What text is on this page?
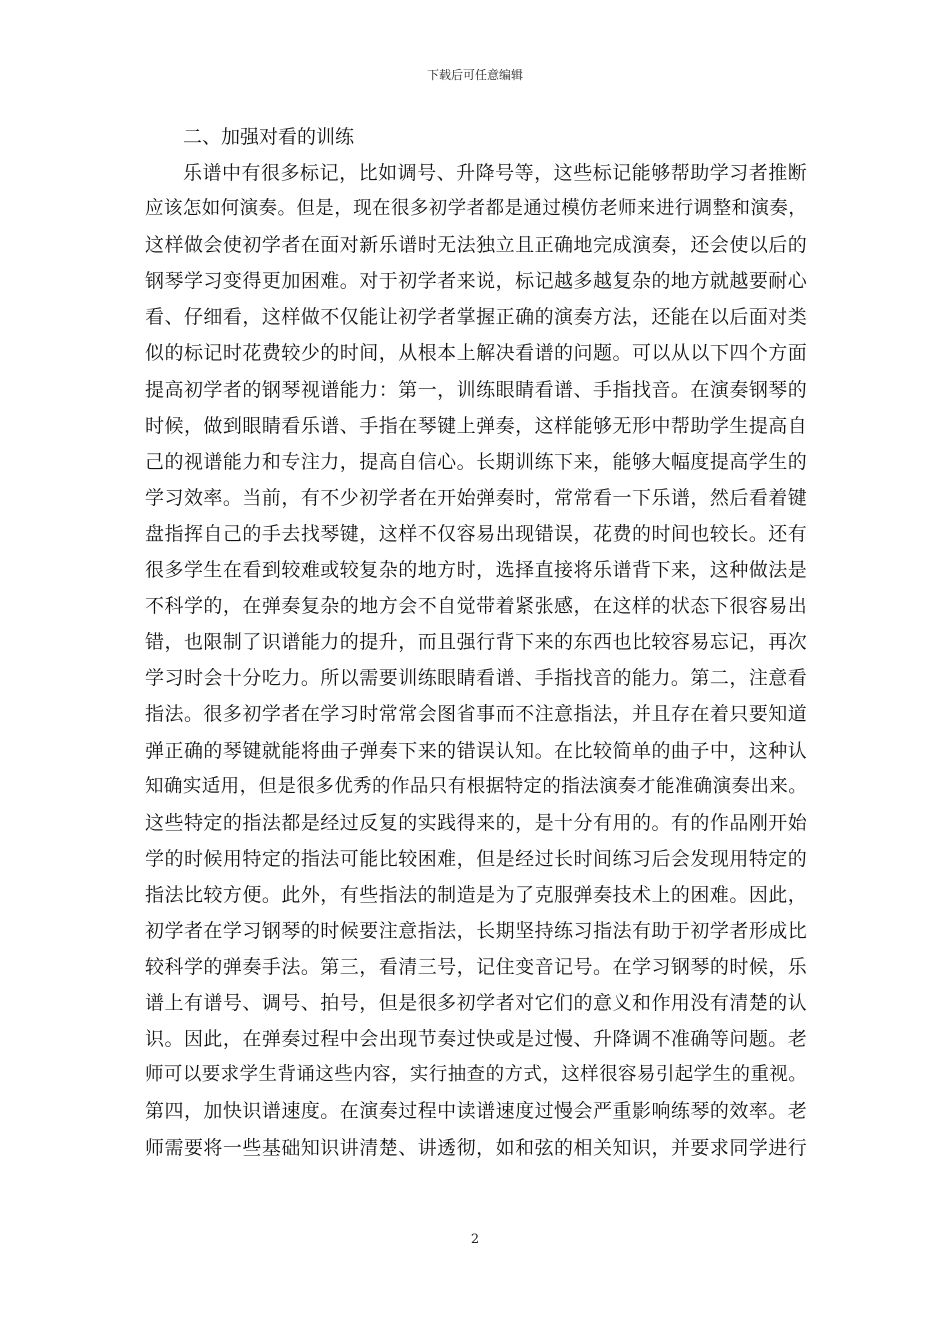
下载后可任意编辑
二、加强对看的训练
乐谱中有很多标记，比如调号、升降号等，这些标记能够帮助学习者推断
应该怎如何演奏。但是，现在很多初学者都是通过模仿老师来进行调整和演奏，
这样做会使初学者在面对新乐谱时无法独立且正确地完成演奏，还会使以后的
钢琴学习变得更加困难。对于初学者来说，标记越多越复杂的地方就越要耐心
看、仔细看，这样做不仅能让初学者掌握正确的演奏方法，还能在以后面对类
似的标记时花费较少的时间，从根本上解决看谱的问题。可以从以下四个方面
提高初学者的钢琴视谱能力：第一，训练眼睛看谱、手指找音。在演奏钢琴的
时候，做到眼睛看乐谱、手指在琴键上弹奏，这样能够无形中帮助学生提高自
己的视谱能力和专注力，提高自信心。长期训练下来，能够大幅度提高学生的
学习效率。当前，有不少初学者在开始弹奏时，常常看一下乐谱，然后看着键
盘指挥自己的手去找琴键，这样不仅容易出现错误，花费的时间也较长。还有
很多学生在看到较难或较复杂的地方时，选择直接将乐谱背下来，这种做法是
不科学的，在弹奏复杂的地方会不自觉带着紧张感，在这样的状态下很容易出
错，也限制了识谱能力的提升，而且强行背下来的东西也比较容易忘记，再次
学习时会十分吃力。所以需要训练眼睛看谱、手指找音的能力。第二，注意看
指法。很多初学者在学习时常常会图省事而不注意指法，并且存在着只要知道
弹正确的琴键就能将曲子弹奏下来的错误认知。在比较简单的曲子中，这种认
知确实适用，但是很多优秀的作品只有根据特定的指法演奏才能准确演奏出来。
这些特定的指法都是经过反复的实践得来的，是十分有用的。有的作品刚开始
学的时候用特定的指法可能比较困难，但是经过长时间练习后会发现用特定的
指法比较方便。此外，有些指法的制造是为了克服弹奏技术上的困难。因此，
初学者在学习钢琴的时候要注意指法，长期坚持练习指法有助于初学者形成比
较科学的弹奏手法。第三，看清三号，记住变音记号。在学习钢琴的时候，乐
谱上有谱号、调号、拍号，但是很多初学者对它们的意义和作用没有清楚的认
识。因此，在弹奏过程中会出现节奏过快或是过慢、升降调不准确等问题。老
师可以要求学生背诵这些内容，实行抽查的方式，这样很容易引起学生的重视。
第四，加快识谱速度。在演奏过程中读谱速度过慢会严重影响练琴的效率。老
师需要将一些基础知识讲清楚、讲透彻，如和弦的相关知识，并要求同学进行
2
